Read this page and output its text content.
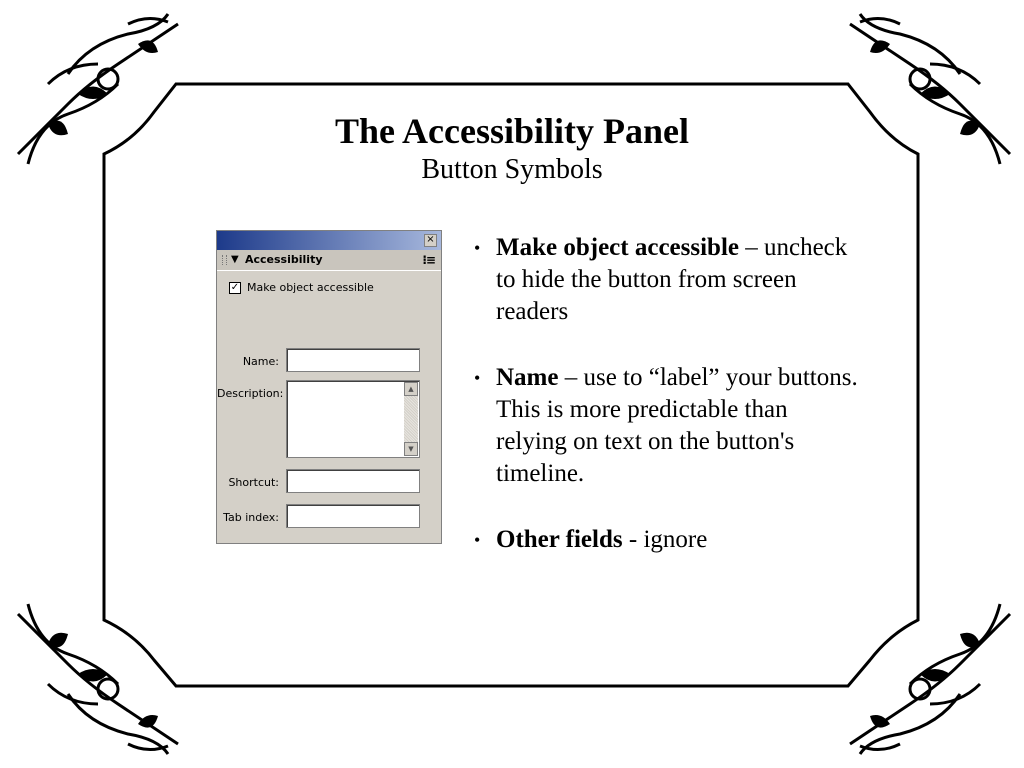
The Accessibility Panel
Button Symbols
×
▼ Accessibility	⁝≡
✓ Make object accessible
Name:
Description:	▲
▼
Shortcut:
Tab index:
• Make object accessible – uncheck to hide the button from screen readers
• Name – use to “label” your buttons. This is more predictable than relying on text on the button's timeline.
• Other fields - ignore
